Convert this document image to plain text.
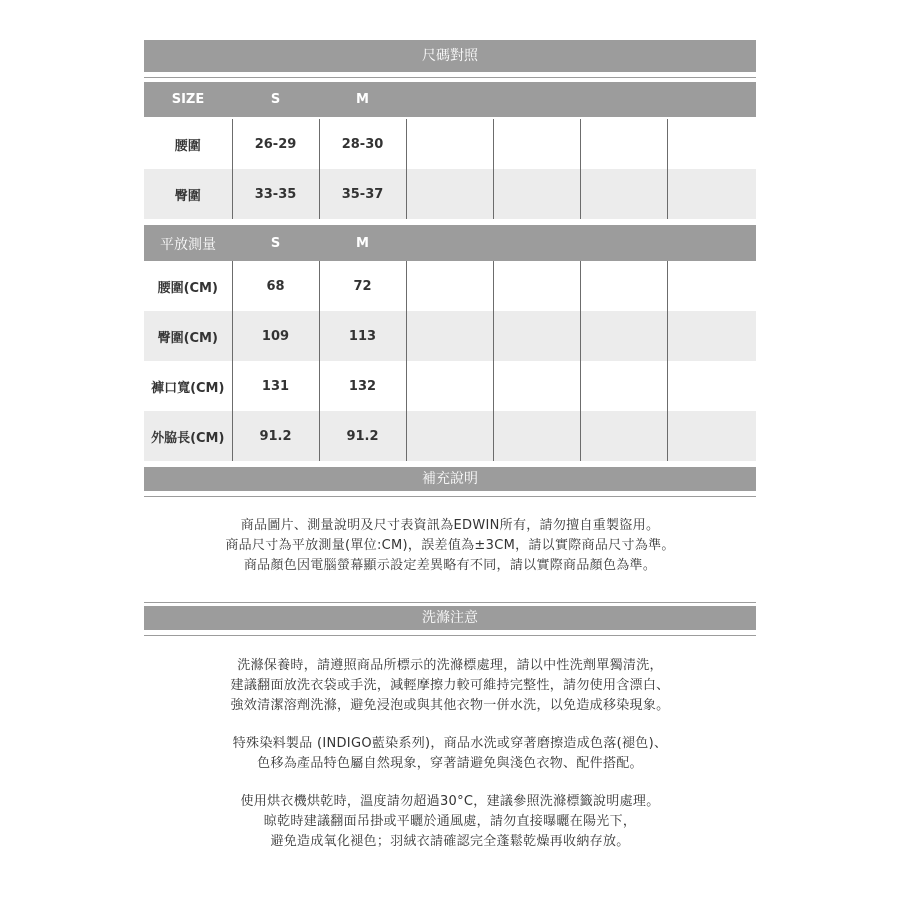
尺碼對照
SIZE	S	M				
腰圍	26-29	28-30				
臀圍	33-35	35-37				
平放測量	S	M				
腰圍(CM)	68	72				
臀圍(CM)	109	113				
褲口寬(CM)	131	132				
外脇長(CM)	91.2	91.2				
補充說明

商品圖片、測量說明及尺寸表資訊為EDWIN所有，請勿擅自重製盜用。

商品尺寸為平放測量(單位:CM)，誤差值為±3CM，請以實際商品尺寸為準。

商品顏色因電腦螢幕顯示設定差異略有不同，請以實際商品顏色為準。

洗滌注意

洗滌保養時，請遵照商品所標示的洗滌標處理，請以中性洗劑單獨清洗，

建議翻面放洗衣袋或手洗，減輕摩擦力較可維持完整性，請勿使用含漂白、

強效清潔溶劑洗滌，避免浸泡或與其他衣物一併水洗，以免造成移染現象。

特殊染料製品 (INDIGO藍染系列)，商品水洗或穿著磨擦造成色落(褪色)、

色移為產品特色屬自然現象，穿著請避免與淺色衣物、配件搭配。

使用烘衣機烘乾時，溫度請勿超過30°C，建議參照洗滌標籤說明處理。

晾乾時建議翻面吊掛或平曬於通風處，請勿直接曝曬在陽光下，

避免造成氧化褪色；羽絨衣請確認完全蓬鬆乾燥再收納存放。
